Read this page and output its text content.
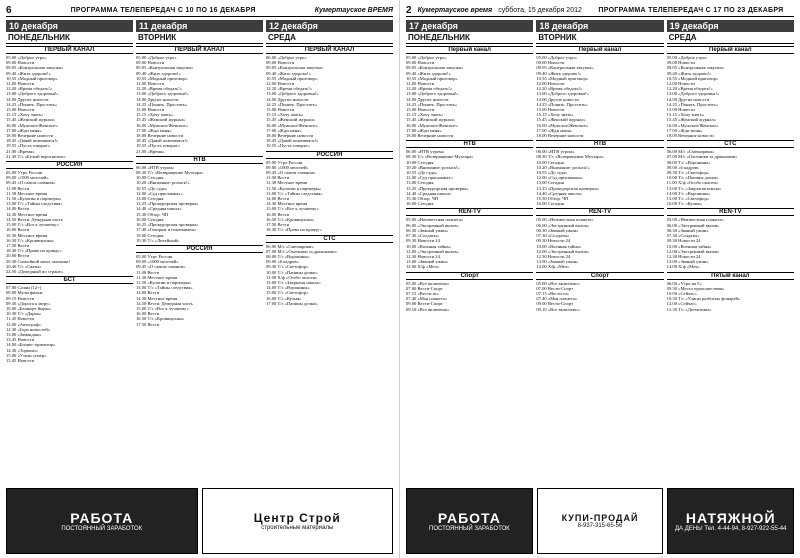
6	ПРОГРАММА ТЕЛЕПЕРЕДАЧ С 10 ПО 16 ДЕКАБРЯ	Кумертауское ВРЕМЯ
10 декабря
ПОНЕДЕЛЬНИК
ПЕРВЫЙ КАНАЛ
05.00 «Доброе утро»
09.00 Новости
09.05 «Контрольная закупка»
09.40 «Жить здорово!»
10.55 «Модный приговор»
12.00 Новости
12.20 «Время обедать!»
13.00 «Доброго здоровья!»
14.00 Другие новости
14.25 «Понять. Простить»
15.00 Новости
15.15 «Хочу знать»
15.45 «Женский журнал»
16.00 «Мужское/Женское»
17.00 «Жди меня»
18.00 Вечерние новости
18.45 «Давай поженимся!»
19.55 «Пусть говорят»
21.00 «Время»
21.30 Т/с «Белый воротничок»
РОССИЯ
05.00 Утро России
09.00 «1000 мелочей»
09.45 «О самом главном»
11.00 Вести
11.30 Местное время
11.50 «Кулагин и партнеры»
13.00 Т/с «Тайны следствия»
14.00 Вести
14.30 Местное время
14.50 Вести. Дежурная часть
15.00 Т/с «Все к лучшему»
16.00 Вести
16.30 Местное время
16.50 Т/с «Кровинушка»
17.50 Вести
18.30 Т/с «Право на правду»
20.00 Вести
20.30 Спокойной ночи, малыши!
20.40 Т/с «Сваты»
22.50 «Дежурный по стране»
БСТ
07.00 Салям (12+)
09.00 Мультфильм
09.15 Новости
09.30 «Дорога к миру»
10.00 «Башкорт йыры»
10.30 Т/с «Дарья»
11.45 Новости
12.00 «Автограф»
12.30 «Гора новостей»
13.00 «Замандаш»
13.45 Новости
14.00 «Бизнес-ориентир»
14.30 «Тормош»
15.00 «Уткэн гумер»
15.45 Новости
11 декабря
ВТОРНИК
ПЕРВЫЙ КАНАЛ
05.00 «Доброе утро»
09.00 Новости
09.05 «Контрольная закупка»
09.40 «Жить здорово!»
10.55 «Модный приговор»
12.00 Новости
12.20 «Время обедать!»
13.00 «Доброго здоровья!»
14.00 Другие новости
14.25 «Понять. Простить»
15.00 Новости
15.15 «Хочу знать»
15.45 «Женский журнал»
16.00 «Мужское/Женское»
17.00 «Жди меня»
18.00 Вечерние новости
18.45 «Давай поженимся!»
19.55 «Пусть говорят»
21.00 «Время»
НТВ
06.00 «НТВ утром»
08.30 Т/с «Возвращение Мухтара»
10.00 Сегодня
10.20 «Внимание: розыск!»
10.55 «До суда»
12.00 «Суд присяжных»
13.00 Сегодня
13.25 «Прокурорская проверка»
14.40 «Средняя школа»
15.30 Обзор. ЧП
16.00 Сегодня
16.25 «Прокурорская проверка»
17.40 «Говорим и показываем»
19.00 Сегодня
19.30 Т/с «Литейный»
РОССИЯ
05.00 Утро России
09.00 «1000 мелочей»
09.45 «О самом главном»
11.00 Вести
11.30 Местное время
11.50 «Кулагин и партнеры»
13.00 Т/с «Тайны следствия»
14.00 Вести
14.30 Местное время
14.50 Вести. Дежурная часть
15.00 Т/с «Все к лучшему»
16.00 Вести
16.50 Т/с «Кровинушка»
17.50 Вести
12 декабря
СРЕДА
ПЕРВЫЙ КАНАЛ
06.00 «Доброе утро»
09.00 Новости
09.05 «Контрольная закупка»
09.40 «Жить здорово!»
10.55 «Модный приговор»
12.00 Новости
12.20 «Время обедать!»
13.00 «Доброго здоровья!»
14.00 Другие новости
14.25 «Понять. Простить»
15.00 Новости
15.15 «Хочу знать»
15.45 «Женский журнал»
16.00 «Мужское/Женское»
17.00 «Жди меня»
18.00 Вечерние новости
18.45 «Давай поженимся!»
19.55 «Пусть говорят»
РОССИЯ
05.00 Утро России
09.00 «1000 мелочей»
09.45 «О самом главном»
11.00 Вести
11.30 Местное время
11.50 «Кулагин и партнеры»
13.00 Т/с «Тайны следствия»
14.00 Вести
14.30 Местное время
15.00 Т/с «Все к лучшему»
16.00 Вести
16.50 Т/с «Кровинушка»
17.50 Вести
18.30 Т/с «Право на правду»
СТС
06.00 М/с «Смешарики»
07.00 М/с «Охотники за драконами»
08.00 Т/с «Воронины»
09.00 «6 кадров»
09.30 Т/с «Светофор»
10.00 Т/с «Папины дочки»
11.00 Х/ф «Особо опасен»
13.00 Т/с «Закрытая школа»
14.00 Т/с «Воронины»
15.00 Т/с «Светофор»
16.00 Т/с «Кухня»
17.00 Т/с «Папины дочки»
РАБОТА
ПОСТОЯННЫЙ ЗАРАБОТОК
Центр Строй
строительные материалы
2 Кумертауское время суббота, 15 декабря 2012	ПРОГРАММА ТЕЛЕПЕРЕДАЧ С 17 ПО 23 ДЕКАБРЯ
17 декабря
ПОНЕДЕЛЬНИК
Первый канал
05.00 «Доброе утро»
09.00 Новости
09.05 «Контрольная закупка»
09.40 «Жить здорово!»
10.55 «Модный приговор»
12.00 Новости
12.20 «Время обедать!»
13.00 «Доброго здоровья!»
14.00 Другие новости
14.25 «Понять. Простить»
15.00 Новости
15.15 «Хочу знать»
15.45 «Женский журнал»
16.00 «Мужское/Женское»
17.00 «Жди меня»
18.00 Вечерние новости
НТВ
06.00 «НТВ утром»
08.30 Т/с «Возвращение Мухтара»
10.00 Сегодня
10.20 «Внимание: розыск!»
10.55 «До суда»
12.00 «Суд присяжных»
13.00 Сегодня
13.25 «Прокурорская проверка»
14.40 «Средняя школа»
15.30 Обзор. ЧП
16.00 Сегодня
REN-TV
05.00 «Неизвестная планета»
06.00 «Экстренный вызов»
06.30 «Званый ужин»
07.30 «Солдаты»
09.30 Новости 24
10.00 «Военная тайна»
12.00 «Экстренный вызов»
12.30 Новости 24
13.00 «Званый ужин»
14.00 Х/ф «Меч»
Спорт
05.00 «Все включено»
07.00 Вести-Спорт
07.15 «Вести.ru»
07.40 «Моя планета»
09.00 Вести-Спорт
09.10 «Все включено»
18 декабря
ВТОРНИК
Первый канал
05.00 «Доброе утро»
09.00 Новости
09.05 «Контрольная закупка»
09.40 «Жить здорово!»
10.55 «Модный приговор»
12.00 Новости
12.20 «Время обедать!»
13.00 «Доброго здоровья!»
14.00 Другие новости
14.25 «Понять. Простить»
15.00 Новости
15.15 «Хочу знать»
15.45 «Женский журнал»
16.00 «Мужское/Женское»
17.00 «Жди меня»
18.00 Вечерние новости
НТВ
06.00 «НТВ утром»
08.30 Т/с «Возвращение Мухтара»
10.00 Сегодня
10.20 «Внимание: розыск!»
10.55 «До суда»
12.00 «Суд присяжных»
13.00 Сегодня
13.25 «Прокурорская проверка»
14.40 «Средняя школа»
15.30 Обзор. ЧП
16.00 Сегодня
REN-TV
05.00 «Неизвестная планета»
06.00 «Экстренный вызов»
06.30 «Званый ужин»
07.30 «Солдаты»
09.30 Новости 24
10.00 «Военная тайна»
12.00 «Экстренный вызов»
12.30 Новости 24
13.00 «Званый ужин»
14.00 Х/ф «Меч»
Спорт
05.00 «Все включено»
07.00 Вести-Спорт
07.15 «Вести.ru»
07.40 «Моя планета»
09.00 Вести-Спорт
09.10 «Все включено»
19 декабря
СРЕДА
Первый канал
05.00 «Доброе утро»
09.00 Новости
09.05 «Контрольная закупка»
09.40 «Жить здорово!»
10.55 «Модный приговор»
12.00 Новости
12.20 «Время обедать!»
13.00 «Доброго здоровья!»
14.00 Другие новости
14.25 «Понять. Простить»
15.00 Новости
15.15 «Хочу знать»
15.45 «Женский журнал»
16.00 «Мужское/Женское»
17.00 «Жди меня»
18.00 Вечерние новости
СТС
06.00 М/с «Смешарики»
07.00 М/с «Охотники за драконами»
08.00 Т/с «Воронины»
09.00 «6 кадров»
09.30 Т/с «Светофор»
10.00 Т/с «Папины дочки»
11.00 Х/ф «Особо опасен»
13.00 Т/с «Закрытая школа»
14.00 Т/с «Воронины»
15.00 Т/с «Светофор»
16.00 Т/с «Кухня»
REN-TV
05.00 «Неизвестная планета»
06.00 «Экстренный вызов»
06.30 «Званый ужин»
07.30 «Солдаты»
09.30 Новости 24
10.00 «Военная тайна»
12.00 «Экстренный вызов»
12.30 Новости 24
13.00 «Званый ужин»
14.00 Х/ф «Меч»
Пятый канал
06.00 «Утро на 5»
09.30 «Место происшествия»
10.00 «Сейчас»
10.30 Т/с «Улицы разбитых фонарей»
12.00 «Сейчас»
12.30 Т/с «Детективы»
РАБОТА
ПОСТОЯННЫЙ ЗАРАБОТОК
КУПИ-ПРОДАЙ
8-937-315-65-56	НАТЯЖНОЙ
ДА ДЕНЬ! Тел. 4-44-94, 8-927-922-55-44
